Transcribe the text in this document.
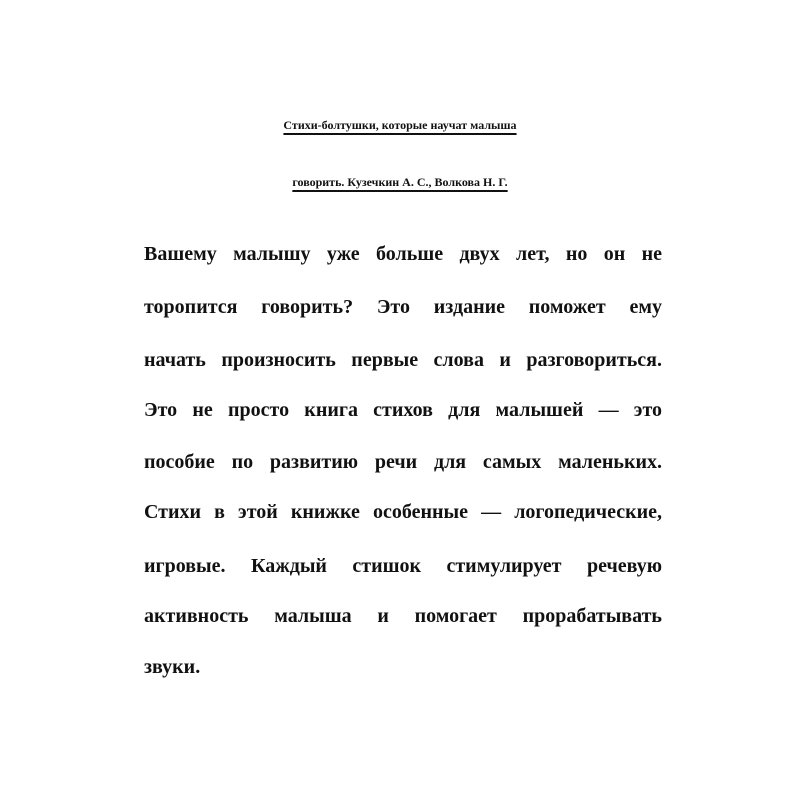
Стихи-болтушки, которые научат малыша
говорить. Кузечкин А. С., Волкова Н. Г.
Вашему малышу уже больше двух лет, но он не
торопится говорить? Это издание поможет ему
начать произносить первые слова и разговориться.
Это не просто книга стихов для малышей — это
пособие по развитию речи для самых маленьких.
Стихи в этой книжке особенные — логопедические,
игровые. Каждый стишок стимулирует речевую
активность малыша и помогает прорабатывать
звуки.
